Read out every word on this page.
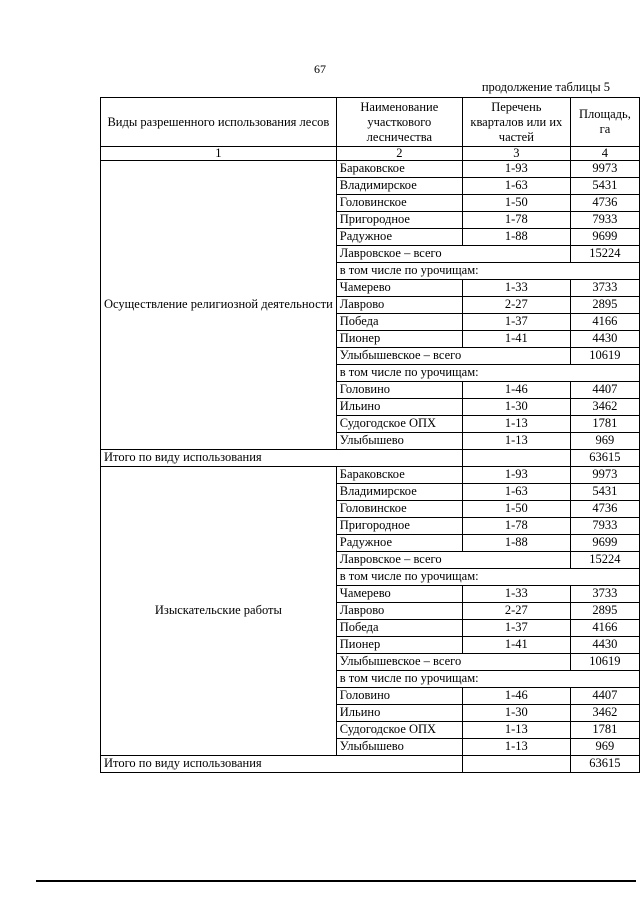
67
продолжение таблицы 5
Виды разрешенного использования лесов	Наименование участкового лесничества	Перечень кварталов или их частей	Площадь, га
1	2	3	4
Осуществление религиозной деятельности	Бараковское	1-93	9973
	Владимирское	1-63	5431
	Головинское	1-50	4736
	Пригородное	1-78	7933
	Радужное	1-88	9699
	Лавровское – всего		15224
	в том числе по урочищам:		
	Чамерево	1-33	3733
	Лаврово	2-27	2895
	Победа	1-37	4166
	Пионер	1-41	4430
	Улыбышевское – всего		10619
	в том числе по урочищам:		
	Головино	1-46	4407
	Ильино	1-30	3462
	Судогодское ОПХ	1-13	1781
	Улыбышево	1-13	969
Итого по виду использования			63615
Изыскательские работы	Бараковское	1-93	9973
	Владимирское	1-63	5431
	Головинское	1-50	4736
	Пригородное	1-78	7933
	Радужное	1-88	9699
	Лавровское – всего		15224
	в том числе по урочищам:		
	Чамерево	1-33	3733
	Лаврово	2-27	2895
	Победа	1-37	4166
	Пионер	1-41	4430
	Улыбышевское – всего		10619
	в том числе по урочищам:		
	Головино	1-46	4407
	Ильино	1-30	3462
	Судогодское ОПХ	1-13	1781
	Улыбышево	1-13	969
Итого по виду использования			63615
